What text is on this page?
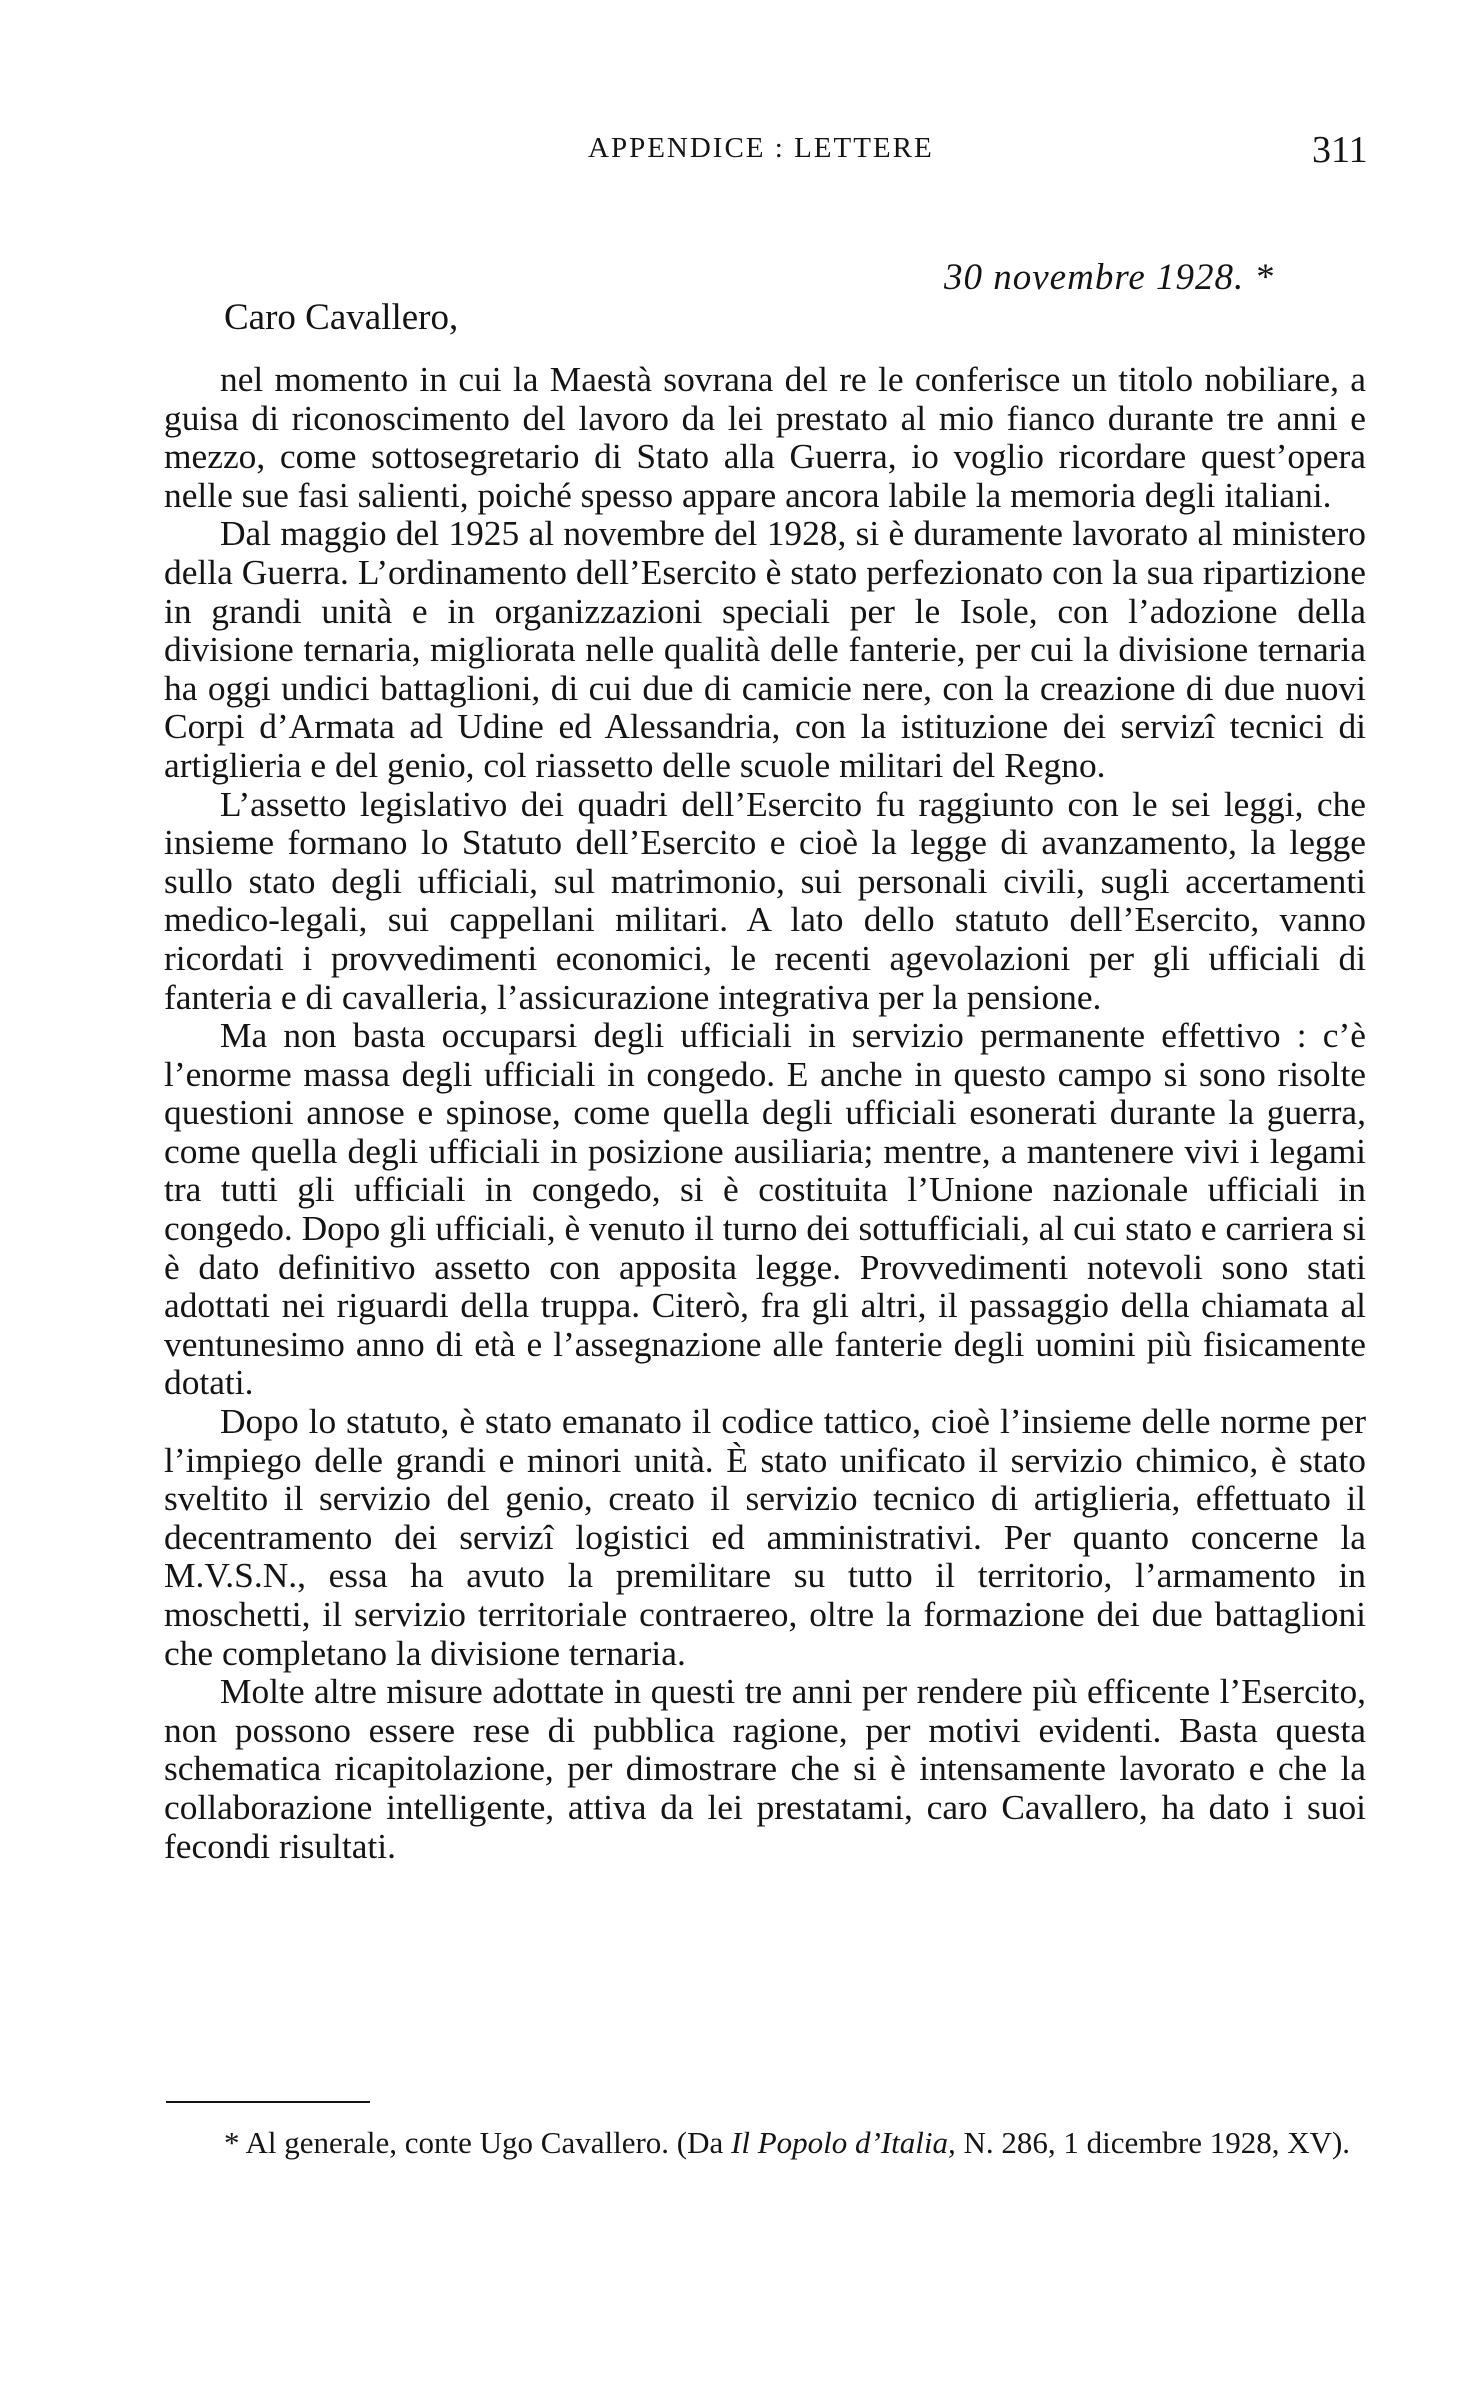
APPENDICE : LETTERE	311
30 novembre 1928. *
Caro Cavallero,

nel momento in cui la Maestà sovrana del re le conferisce un titolo nobiliare, a guisa di riconoscimento del lavoro da lei prestato al mio fianco durante tre anni e mezzo, come sottosegretario di Stato alla Guerra, io voglio ricordare quest’opera nelle sue fasi salienti, poiché spesso appare ancora labile la memoria degli italiani.

Dal maggio del 1925 al novembre del 1928, si è duramente lavorato al ministero della Guerra. L’ordinamento dell’Esercito è stato perfezionato con la sua ripartizione in grandi unità e in organizzazioni speciali per le Isole, con l’adozione della divisione ternaria, migliorata nelle qualità delle fanterie, per cui la divisione ternaria ha oggi undici battaglioni, di cui due di camicie nere, con la creazione di due nuovi Corpi d’Armata ad Udine ed Alessandria, con la istituzione dei servizî tecnici di artiglieria e del genio, col riassetto delle scuole militari del Regno.

L’assetto legislativo dei quadri dell’Esercito fu raggiunto con le sei leggi, che insieme formano lo Statuto dell’Esercito e cioè la legge di avanzamento, la legge sullo stato degli ufficiali, sul matrimonio, sui personali civili, sugli accertamenti medico-legali, sui cappellani militari. A lato dello statuto dell’Esercito, vanno ricordati i provvedimenti economici, le recenti agevolazioni per gli ufficiali di fanteria e di cavalleria, l’assicurazione integrativa per la pensione.

Ma non basta occuparsi degli ufficiali in servizio permanente effettivo : c’è l’enorme massa degli ufficiali in congedo. E anche in questo campo si sono risolte questioni annose e spinose, come quella degli ufficiali esonerati durante la guerra, come quella degli ufficiali in posizione ausiliaria; mentre, a mantenere vivi i legami tra tutti gli ufficiali in congedo, si è costituita l’Unione nazionale ufficiali in congedo. Dopo gli ufficiali, è venuto il turno dei sottufficiali, al cui stato e carriera si è dato definitivo assetto con apposita legge. Provvedimenti notevoli sono stati adottati nei riguardi della truppa. Citerò, fra gli altri, il passaggio della chiamata al ventunesimo anno di età e l’assegnazione alle fanterie degli uomini più fisicamente dotati.

Dopo lo statuto, è stato emanato il codice tattico, cioè l’insieme delle norme per l’impiego delle grandi e minori unità. È stato unificato il servizio chimico, è stato sveltito il servizio del genio, creato il servizio tecnico di artiglieria, effettuato il decentramento dei servizî logistici ed amministrativi. Per quanto concerne la M.V.S.N., essa ha avuto la premilitare su tutto il territorio, l’armamento in moschetti, il servizio territoriale contraereo, oltre la formazione dei due battaglioni che completano la divisione ternaria.

Molte altre misure adottate in questi tre anni per rendere più efficente l’Esercito, non possono essere rese di pubblica ragione, per motivi evidenti. Basta questa schematica ricapitolazione, per dimostrare che si è intensamente lavorato e che la collaborazione intelligente, attiva da lei prestatami, caro Cavallero, ha dato i suoi fecondi risultati.

* Al generale, conte Ugo Cavallero. (Da Il Popolo d’Italia, N. 286, 1 dicembre 1928, XV).
